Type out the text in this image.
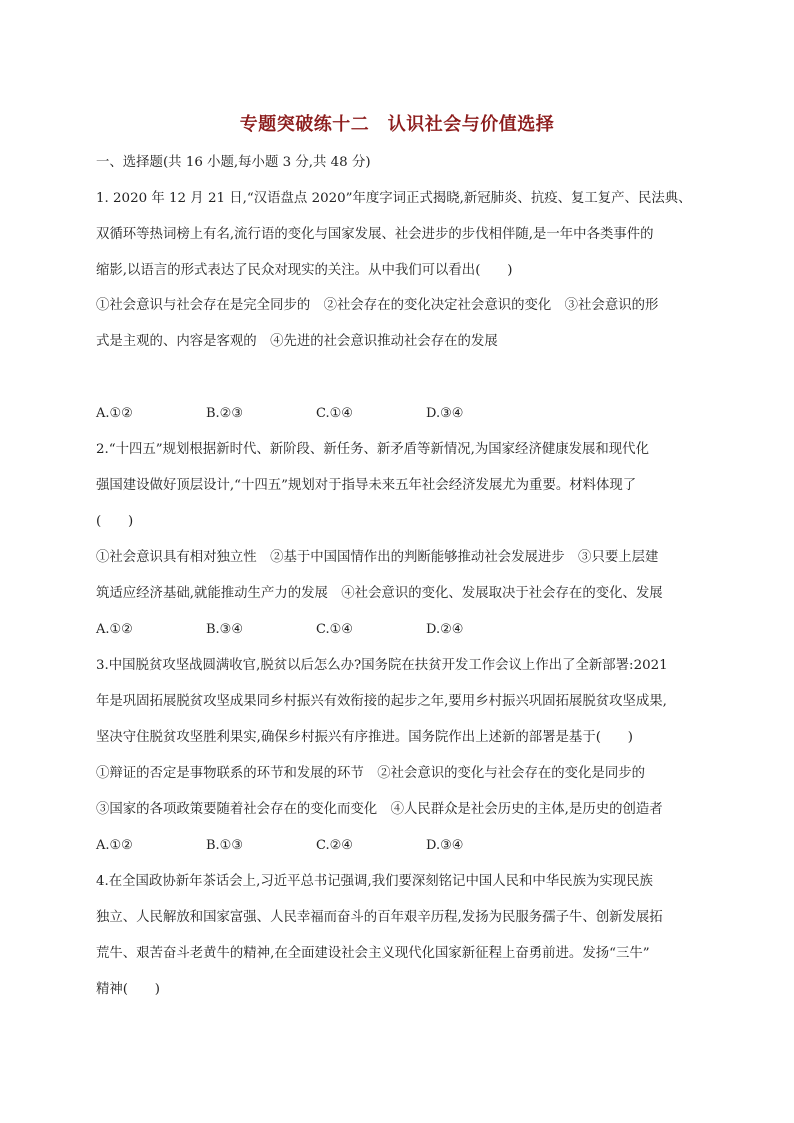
专题突破练十二　认识社会与价值选择
一、选择题(共 16 小题,每小题 3 分,共 48 分)
1. 2020 年 12 月 21 日,“汉语盘点 2020”年度字词正式揭晓,新冠肺炎、抗疫、复工复产、民法典、
双循环等热词榜上有名,流行语的变化与国家发展、社会进步的步伐相伴随,是一年中各类事件的
缩影,以语言的形式表达了民众对现实的关注。从中我们可以看出(　　)
①社会意识与社会存在是完全同步的　②社会存在的变化决定社会意识的变化　③社会意识的形
式是主观的、内容是客观的　④先进的社会意识推动社会存在的发展
A.①②	B.②③	C.①④	D.③④
2.“十四五”规划根据新时代、新阶段、新任务、新矛盾等新情况,为国家经济健康发展和现代化
强国建设做好顶层设计,“十四五”规划对于指导未来五年社会经济发展尤为重要。材料体现了
(　　)
①社会意识具有相对独立性　②基于中国国情作出的判断能够推动社会发展进步　③只要上层建
筑适应经济基础,就能推动生产力的发展　④社会意识的变化、发展取决于社会存在的变化、发展
A.①②	B.③④	C.①④	D.②④
3.中国脱贫攻坚战圆满收官,脱贫以后怎么办?国务院在扶贫开发工作会议上作出了全新部署:2021
年是巩固拓展脱贫攻坚成果同乡村振兴有效衔接的起步之年,要用乡村振兴巩固拓展脱贫攻坚成果,
坚决守住脱贫攻坚胜利果实,确保乡村振兴有序推进。国务院作出上述新的部署是基于(　　)
①辩证的否定是事物联系的环节和发展的环节　②社会意识的变化与社会存在的变化是同步的
③国家的各项政策要随着社会存在的变化而变化　④人民群众是社会历史的主体,是历史的创造者
A.①②	B.①③	C.②④	D.③④
4.在全国政协新年茶话会上,习近平总书记强调,我们要深刻铭记中国人民和中华民族为实现民族
独立、人民解放和国家富强、人民幸福而奋斗的百年艰辛历程,发扬为民服务孺子牛、创新发展拓
荒牛、艰苦奋斗老黄牛的精神,在全面建设社会主义现代化国家新征程上奋勇前进。发扬“三牛”
精神(　　)
